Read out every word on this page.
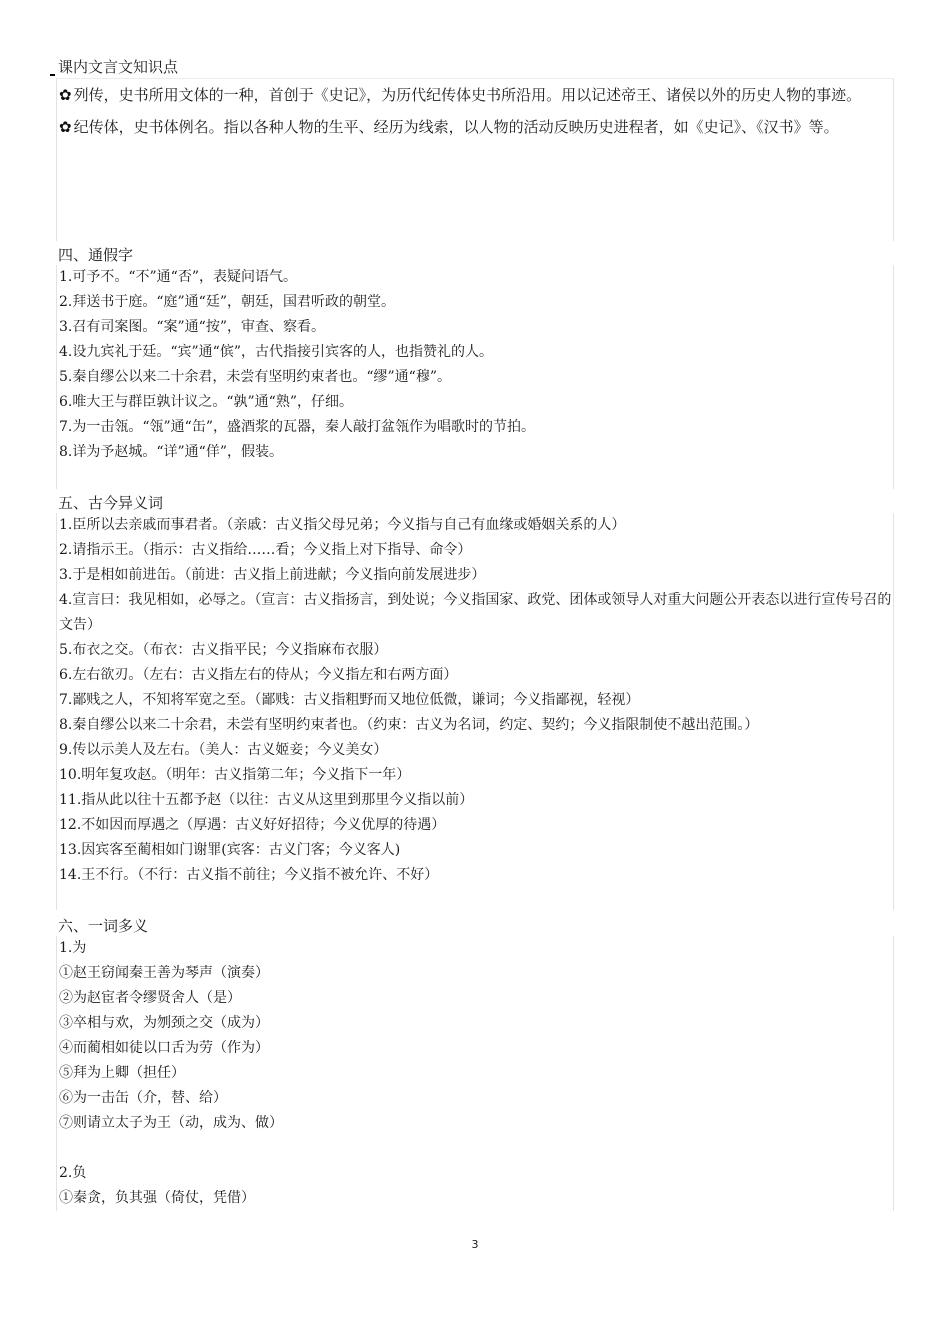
课内文言文知识点

✿ 列传，史书所用文体的一种，首创于《史记》，为历代纪传体史书所沿用。用以记述帝王、诸侯以外的历史人物的事迹。

✿ 纪传体，史书体例名。指以各种人物的生平、经历为线索，以人物的活动反映历史进程者，如《史记》、《汉书》等。

四、通假字
1.可予不。“不”通“否”，表疑问语气。
2.拜送书于庭。“庭”通“廷”，朝廷，国君听政的朝堂。
3.召有司案图。“案”通“按”，审查、察看。
4.设九宾礼于廷。“宾”通“傧”，古代指接引宾客的人，也指赞礼的人。
5.秦自缪公以来二十余君，未尝有坚明约束者也。“缪”通“穆”。
6.唯大王与群臣孰计议之。“孰”通“熟”，仔细。
7.为一击瓴。“瓴”通“缶”，盛酒浆的瓦器，秦人敲打盆瓴作为唱歌时的节拍。
8.详为予赵城。“详”通“佯”，假装。
五、古今异义词
1.臣所以去亲戚而事君者。（亲戚：古义指父母兄弟；今义指与自己有血缘或婚姻关系的人）
2.请指示王。（指示：古义指给……看；今义指上对下指导、命令）
3.于是相如前进缶。（前进：古义指上前进献；今义指向前发展进步）
4.宣言曰：我见相如，必辱之。（宣言：古义指扬言，到处说；今义指国家、政党、团体或领导人对重大问题公开表态以进行宣传号召的文告）
5.布衣之交。（布衣：古义指平民；今义指麻布衣服）
6.左右欲刃。（左右：古义指左右的侍从；今义指左和右两方面）
7.鄙贱之人，不知将军宽之至。（鄙贱：古义指粗野而又地位低微，谦词；今义指鄙视，轻视）
8.秦自缪公以来二十余君，未尝有坚明约束者也。（约束：古义为名词，约定、契约；今义指限制使不越出范围。）
9.传以示美人及左右。（美人：古义姬妾；今义美女）
10.明年复攻赵。（明年：古义指第二年；今义指下一年）
11.指从此以往十五都予赵（以往：古义从这里到那里今义指以前）
12.不如因而厚遇之（厚遇：古义好好招待；今义优厚的待遇）
13.因宾客至蔺相如门谢罪(宾客：古义门客；今义客人)
14.王不行。（不行：古义指不前往；今义指不被允许、不好）
六、一词多义
1.为
①赵王窃闻秦王善为琴声（演奏）
②为赵宦者令缪贤舍人（是）
③卒相与欢，为刎颈之交（成为）
④而蔺相如徒以口舌为劳（作为）
⑤拜为上卿（担任）
⑥为一击缶（介，替、给）
⑦则请立太子为王（动，成为、做）
2.负
①秦贪，负其强（倚仗，凭借）
3
